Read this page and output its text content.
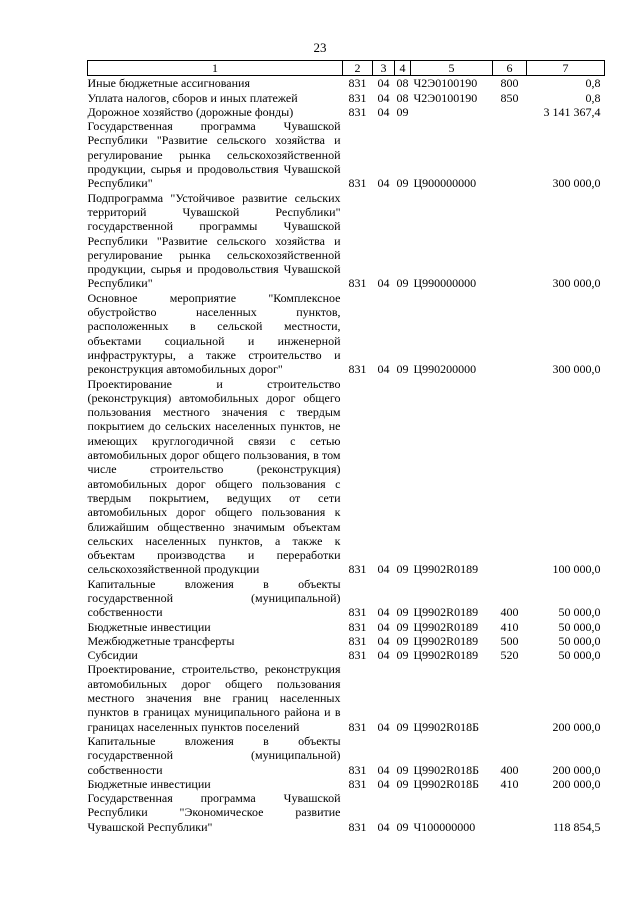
23
1	2	3	4	5	6	7
Иные бюджетные ассигнования	831	04	08	Ч2Э0100190	800	0,8
Уплата налогов, сборов и иных платежей	831	04	08	Ч2Э0100190	850	0,8
Дорожное хозяйство (дорожные фонды)	831	04	09			3 141 367,4
Государственная программа Чувашской Республики "Развитие сельского хозяйства и регулирование рынка сельскохозяйственной продукции, сырья и продовольствия Чувашской Республики"	831	04	09	Ц900000000		300 000,0
Подпрограмма "Устойчивое развитие сельских территорий Чувашской Республики" государственной программы Чувашской Республики "Развитие сельского хозяйства и регулирование рынка сельскохозяйственной продукции, сырья и продовольствия Чувашской Республики"	831	04	09	Ц990000000		300 000,0
Основное мероприятие "Комплексное обустройство населенных пунктов, расположенных в сельской местности, объектами социальной и инженерной инфраструктуры, а также строительство и реконструкция автомобильных дорог"	831	04	09	Ц990200000		300 000,0
Проектирование и строительство (реконструкция) автомобильных дорог общего пользования местного значения с твердым покрытием до сельских населенных пунктов, не имеющих круглогодичной связи с сетью автомобильных дорог общего пользования, в том числе строительство (реконструкция) автомобильных дорог общего пользования с твердым покрытием, ведущих от сети автомобильных дорог общего пользования к ближайшим общественно значимым объектам сельских населенных пунктов, а также к объектам производства и переработки сельскохозяйственной продукции	831	04	09	Ц9902R0189		100 000,0
Капитальные вложения в объекты государственной (муниципальной) собственности	831	04	09	Ц9902R0189	400	50 000,0
Бюджетные инвестиции	831	04	09	Ц9902R0189	410	50 000,0
Межбюджетные трансферты	831	04	09	Ц9902R0189	500	50 000,0
Субсидии	831	04	09	Ц9902R0189	520	50 000,0
Проектирование, строительство, реконструкция автомобильных дорог общего пользования местного значения вне границ населенных пунктов в границах муниципального района и в границах населенных пунктов поселений	831	04	09	Ц9902R018Б		200 000,0
Капитальные вложения в объекты государственной (муниципальной) собственности	831	04	09	Ц9902R018Б	400	200 000,0
Бюджетные инвестиции	831	04	09	Ц9902R018Б	410	200 000,0
Государственная программа Чувашской Республики "Экономическое развитие Чувашской Республики"	831	04	09	Ч100000000		118 854,5
